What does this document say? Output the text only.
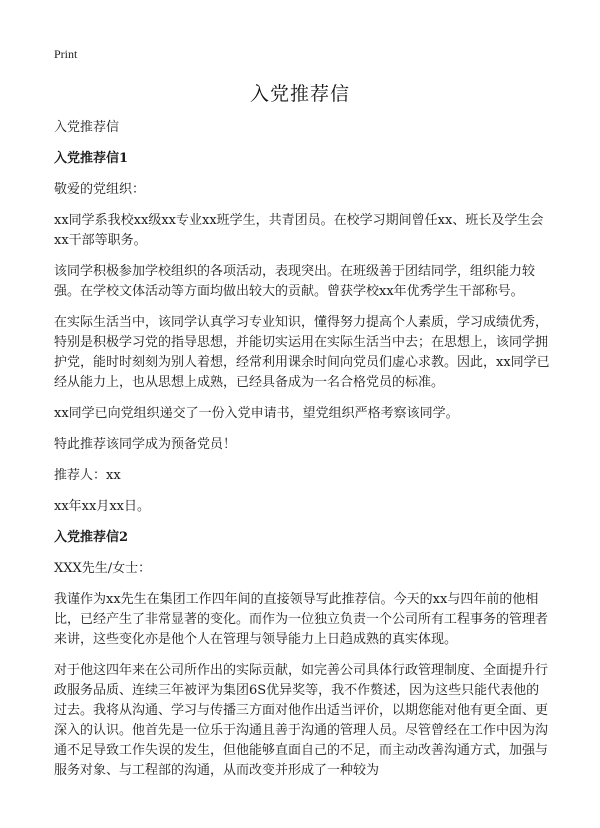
Print
入党推荐信

入党推荐信

入党推荐信1

敬爱的党组织：

xx同学系我校xx级xx专业xx班学生，共青团员。在校学习期间曾任xx、班长及学生会xx干部等职务。

该同学积极参加学校组织的各项活动，表现突出。在班级善于团结同学，组织能力较强。在学校文体活动等方面均做出较大的贡献。曾获学校xx年优秀学生干部称号。

在实际生活当中，该同学认真学习专业知识，懂得努力提高个人素质，学习成绩优秀，特别是积极学习党的指导思想，并能切实运用在实际生活当中去；在思想上，该同学拥护党，能时时刻刻为别人着想，经常利用课余时间向党员们虚心求教。因此，xx同学已经从能力上，也从思想上成熟，已经具备成为一名合格党员的标准。

xx同学已向党组织递交了一份入党申请书，望党组织严格考察该同学。

特此推荐该同学成为预备党员！

推荐人：xx

xx年xx月xx日。

入党推荐信2

XXX先生/女士：

我谨作为xx先生在集团工作四年间的直接领导写此推荐信。今天的xx与四年前的他相比，已经产生了非常显著的变化。而作为一位独立负责一个公司所有工程事务的管理者来讲，这些变化亦是他个人在管理与领导能力上日趋成熟的真实体现。

对于他这四年来在公司所作出的实际贡献，如完善公司具体行政管理制度、全面提升行政服务品质、连续三年被评为集团6S优异奖等，我不作赘述，因为这些只能代表他的过去。我将从沟通、学习与传播三方面对他作出适当评价，以期您能对他有更全面、更深入的认识。他首先是一位乐于沟通且善于沟通的管理人员。尽管曾经在工作中因为沟通不足导致工作失误的发生，但他能够直面自己的不足，而主动改善沟通方式，加强与服务对象、与工程部的沟通，从而改变并形成了一种较为
